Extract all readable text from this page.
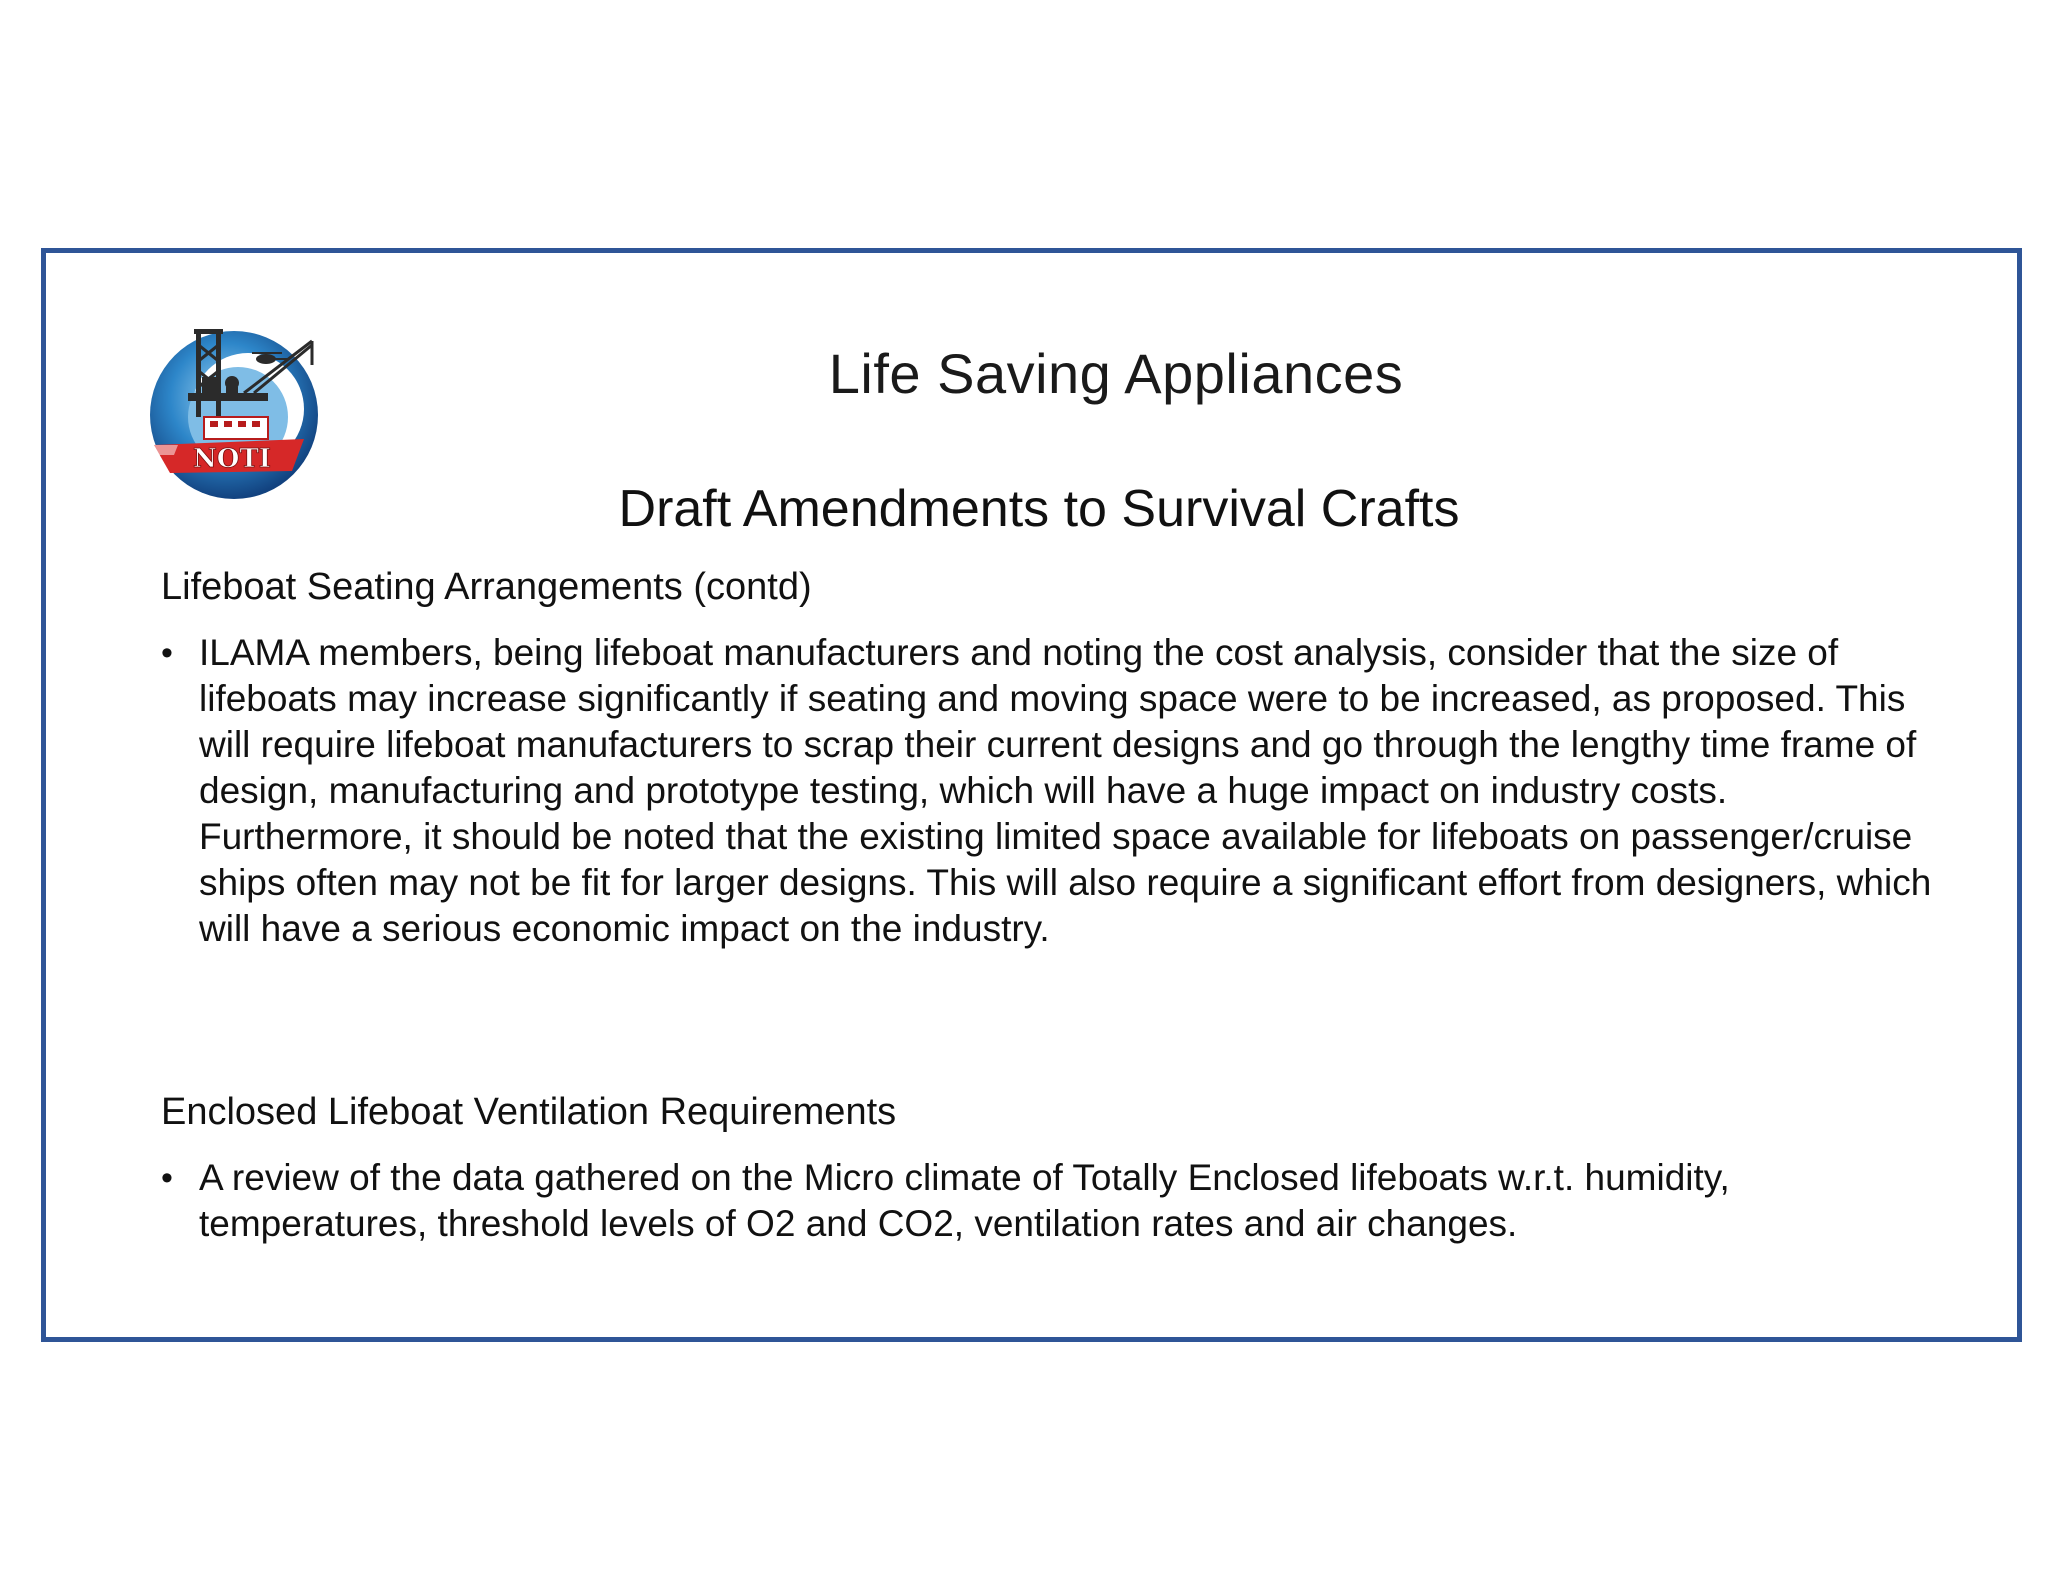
NOTI
Life Saving Appliances
Draft Amendments to Survival Crafts
Lifeboat Seating Arrangements (contd)
• ILAMA members, being lifeboat manufacturers and noting the cost analysis, consider that the size of lifeboats may increase significantly if seating and moving space were to be increased, as proposed. This will require lifeboat manufacturers to scrap their current designs and go through the lengthy time frame of design, manufacturing and prototype testing, which will have a huge impact on industry costs. Furthermore, it should be noted that the existing limited space available for lifeboats on passenger/cruise ships often may not be fit for larger designs. This will also require a significant effort from designers, which will have a serious economic impact on the industry.
Enclosed Lifeboat Ventilation Requirements
• A review of the data gathered on the Micro climate of Totally Enclosed lifeboats w.r.t. humidity, temperatures, threshold levels of O2 and CO2, ventilation rates and air changes.
